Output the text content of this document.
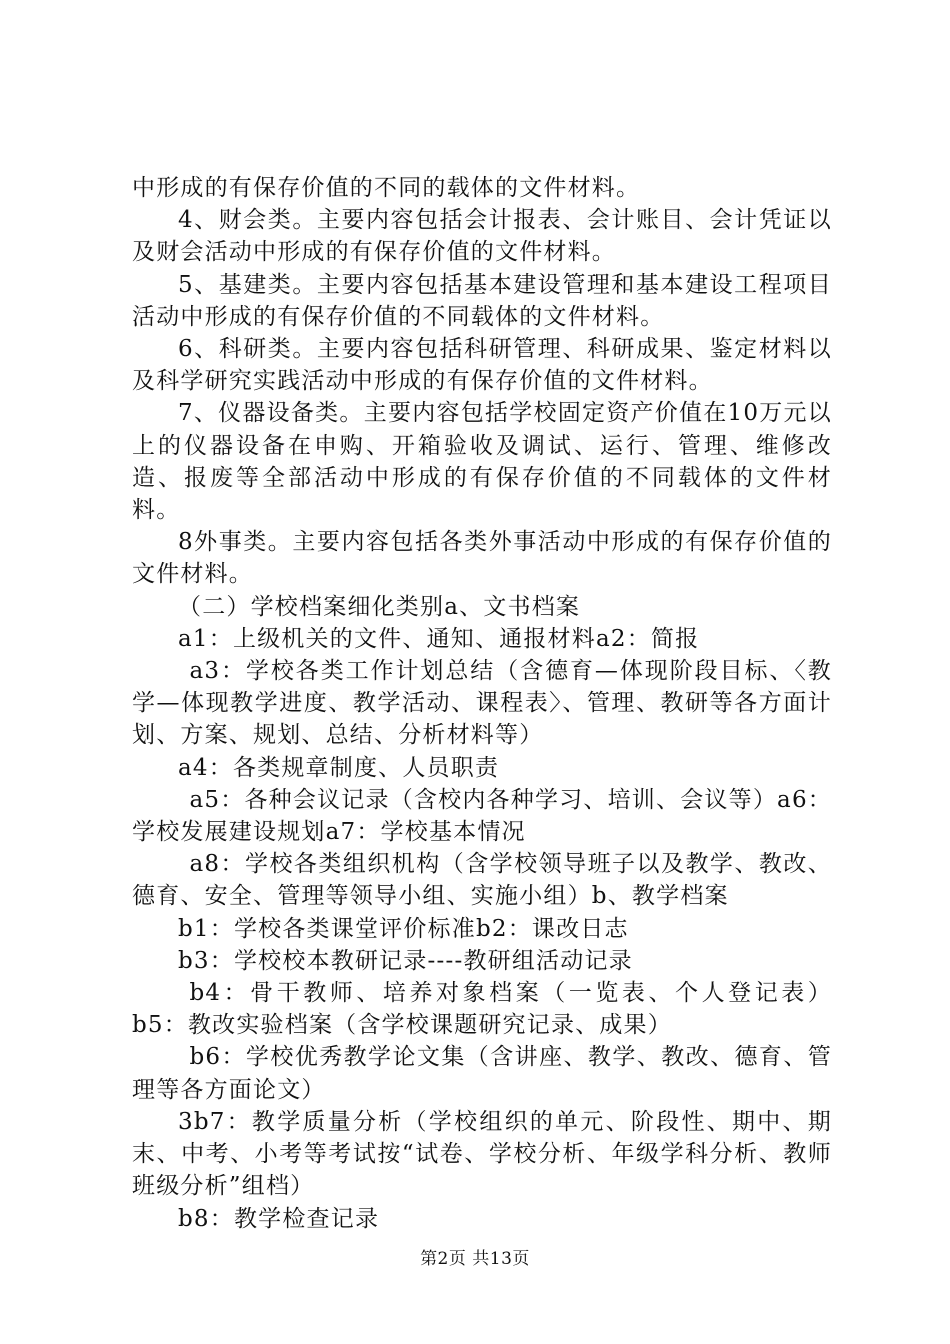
中形成的有保存价值的不同的载体的文件材料。

4、财会类。主要内容包括会计报表、会计账目、会计凭证以及财会活动中形成的有保存价值的文件材料。

5、基建类。主要内容包括基本建设管理和基本建设工程项目活动中形成的有保存价值的不同载体的文件材料。

6、科研类。主要内容包括科研管理、科研成果、鉴定材料以及科学研究实践活动中形成的有保存价值的文件材料。

7、仪器设备类。主要内容包括学校固定资产价值在10万元以上的仪器设备在申购、开箱验收及调试、运行、管理、维修改造、报废等全部活动中形成的有保存价值的不同载体的文件材料。

8外事类。主要内容包括各类外事活动中形成的有保存价值的文件材料。

（二）学校档案细化类别a、文书档案

a1：上级机关的文件、通知、通报材料a2：简报

a3：学校各类工作计划总结（含德育—体现阶段目标、〈教学—体现教学进度、教学活动、课程表〉、管理、教研等各方面计划、方案、规划、总结、分析材料等）

a4：各类规章制度、人员职责

a5：各种会议记录（含校内各种学习、培训、会议等）a6：学校发展建设规划a7：学校基本情况

a8：学校各类组织机构（含学校领导班子以及教学、教改、德育、安全、管理等领导小组、实施小组）b、教学档案

b1：学校各类课堂评价标准b2：课改日志

b3：学校校本教研记录----教研组活动记录

b4：骨干教师、培养对象档案（一览表、个人登记表）b5：教改实验档案（含学校课题研究记录、成果）

b6：学校优秀教学论文集（含讲座、教学、教改、德育、管理等各方面论文）

3b7：教学质量分析（学校组织的单元、阶段性、期中、期末、中考、小考等考试按“试卷、学校分析、年级学科分析、教师班级分析”组档）

b8：教学检查记录

第2页 共13页
